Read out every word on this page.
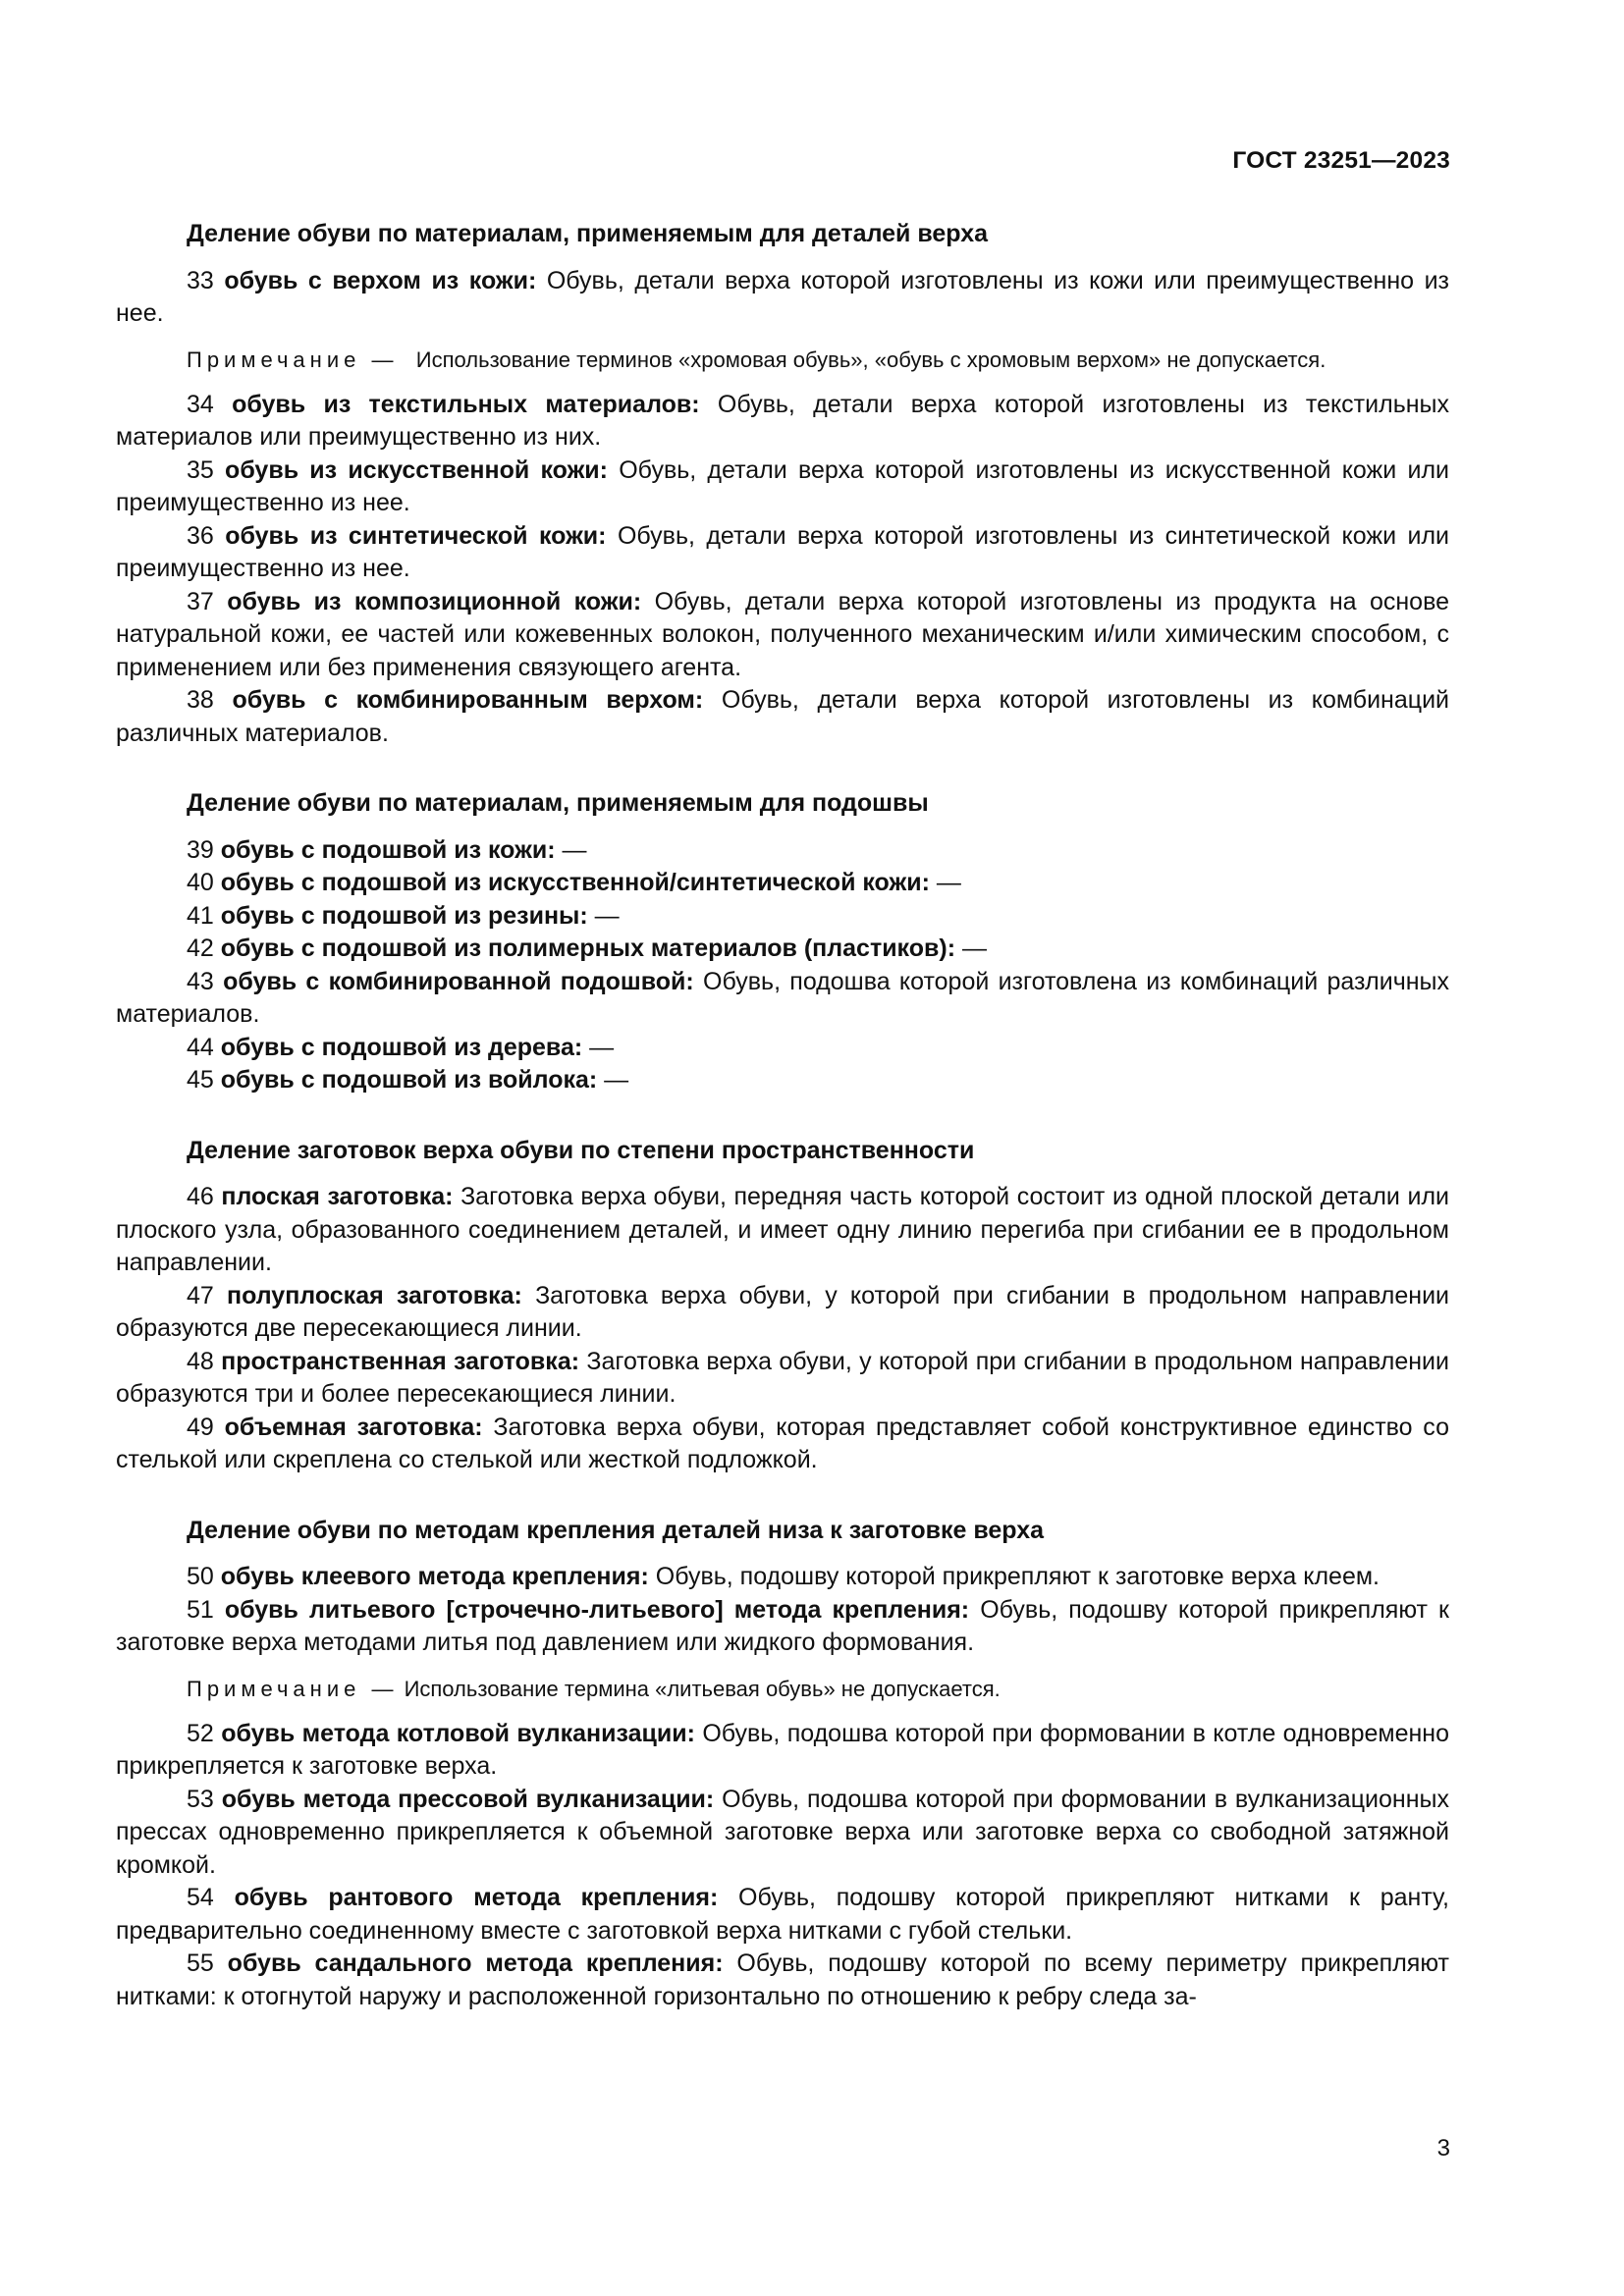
ГОСТ 23251—2023
Деление обуви по материалам, применяемым для деталей верха

33 обувь с верхом из кожи: Обувь, детали верха которой изготовлены из кожи или преимущественно из нее.

Примечание — Использование терминов «хромовая обувь», «обувь с хромовым верхом» не допускается.

34 обувь из текстильных материалов: Обувь, детали верха которой изготовлены из текстильных материалов или преимущественно из них.

35 обувь из искусственной кожи: Обувь, детали верха которой изготовлены из искусственной кожи или преимущественно из нее.

36 обувь из синтетической кожи: Обувь, детали верха которой изготовлены из синтетической кожи или преимущественно из нее.

37 обувь из композиционной кожи: Обувь, детали верха которой изготовлены из продукта на основе натуральной кожи, ее частей или кожевенных волокон, полученного механическим и/или химическим способом, с применением или без применения связующего агента.

38 обувь с комбинированным верхом: Обувь, детали верха которой изготовлены из комбинаций различных материалов.

Деление обуви по материалам, применяемым для подошвы

39 обувь с подошвой из кожи: —

40 обувь с подошвой из искусственной/синтетической кожи: —

41 обувь с подошвой из резины: —

42 обувь с подошвой из полимерных материалов (пластиков): —

43 обувь с комбинированной подошвой: Обувь, подошва которой изготовлена из комбинаций различных материалов.

44 обувь с подошвой из дерева: —

45 обувь с подошвой из войлока: —

Деление заготовок верха обуви по степени пространственности

46 плоская заготовка: Заготовка верха обуви, передняя часть которой состоит из одной плоской детали или плоского узла, образованного соединением деталей, и имеет одну линию перегиба при сгибании ее в продольном направлении.

47 полуплоская заготовка: Заготовка верха обуви, у которой при сгибании в продольном направлении образуются две пересекающиеся линии.

48 пространственная заготовка: Заготовка верха обуви, у которой при сгибании в продольном направлении образуются три и более пересекающиеся линии.

49 объемная заготовка: Заготовка верха обуви, которая представляет собой конструктивное единство со стелькой или скреплена со стелькой или жесткой подложкой.

Деление обуви по методам крепления деталей низа к заготовке верха

50 обувь клеевого метода крепления: Обувь, подошву которой прикрепляют к заготовке верха клеем.

51 обувь литьевого [строчечно-литьевого] метода крепления: Обувь, подошву которой прикрепляют к заготовке верха методами литья под давлением или жидкого формования.

Примечание — Использование термина «литьевая обувь» не допускается.

52 обувь метода котловой вулканизации: Обувь, подошва которой при формовании в котле одновременно прикрепляется к заготовке верха.

53 обувь метода прессовой вулканизации: Обувь, подошва которой при формовании в вулканизационных прессах одновременно прикрепляется к объемной заготовке верха или заготовке верха со свободной затяжной кромкой.

54 обувь рантового метода крепления: Обувь, подошву которой прикрепляют нитками к ранту, предварительно соединенному вместе с заготовкой верха нитками с губой стельки.

55 обувь сандального метода крепления: Обувь, подошву которой по всему периметру прикрепляют нитками: к отогнутой наружу и расположенной горизонтально по отношению к ребру следа за-

3
